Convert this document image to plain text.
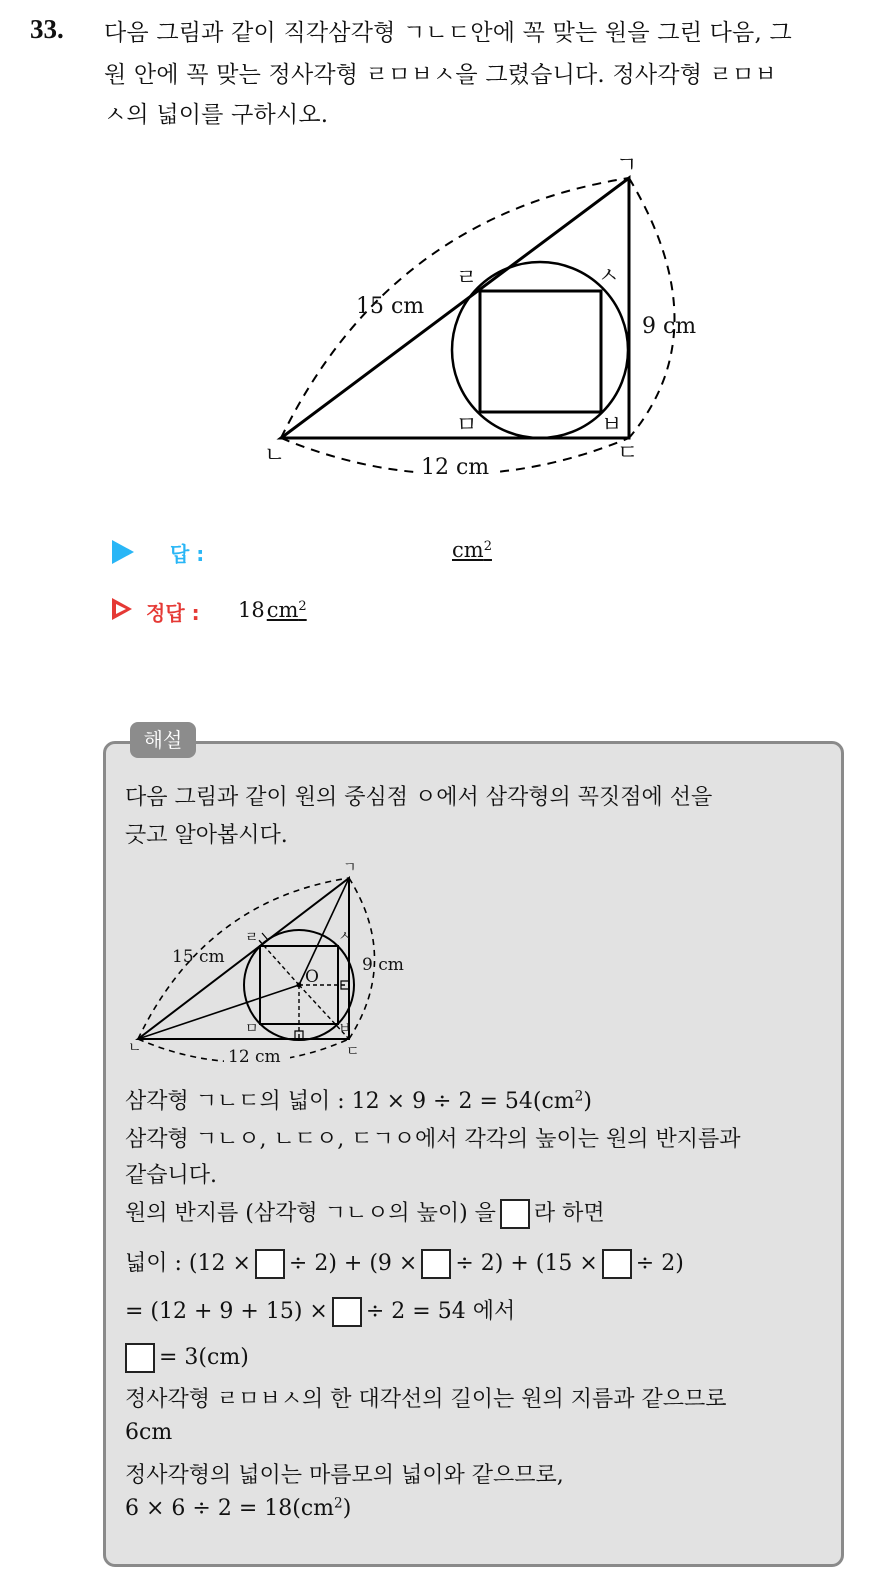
33. 다음 그림과 같이 직각삼각형 ㄱㄴㄷ안에 꼭 맞는 원을 그린 다음, 그
원 안에 꼭 맞는 정사각형 ㄹㅁㅂㅅ을 그렸습니다. 정사각형 ㄹㅁㅂ
ㅅ의 넓이를 구하시오.
ㄱ
ㄴ	ㄷ
ㄹ
ㅁ	ㅂ
ㅅ
15 cm
9 cm
12 cm
답 :	$cm^2$
정답 : $18cm^2$
해설
다음 그림과 같이 원의 중심점 ㅇ에서 삼각형의 꼭짓점에 선을
긋고 알아봅시다.
15 cm	9 cm
12 cm
O
ㄱ
ㄴ	ㄷ
ㄹ
ㅁ	ㅂ
ㅅ
삼각형 ㄱㄴㄷ의 넓이 : $12 \times 9 \div 2 = 54(cm^2)$
삼각형 ㄱㄴㅇ, ㄴㄷㅇ, ㄷㄱㅇ에서 각각의 높이는 원의 반지름과
같습니다.
원의 반지름 (삼각형 ㄱㄴㅇ의 높이) 을 라 하면
넓이 : (12 × ÷ 2) + (9 × ÷ 2) + (15 × ÷ 2)
= (12 + 9 + 15) × ÷ 2 = 54 에서
= 3(cm)
정사각형 ㄹㅁㅂㅅ의 한 대각선의 길이는 원의 지름과 같으므로
6cm
정사각형의 넓이는 마름모의 넓이와 같으므로,
$6 \times 6 \div 2 = 18(cm^2)$
